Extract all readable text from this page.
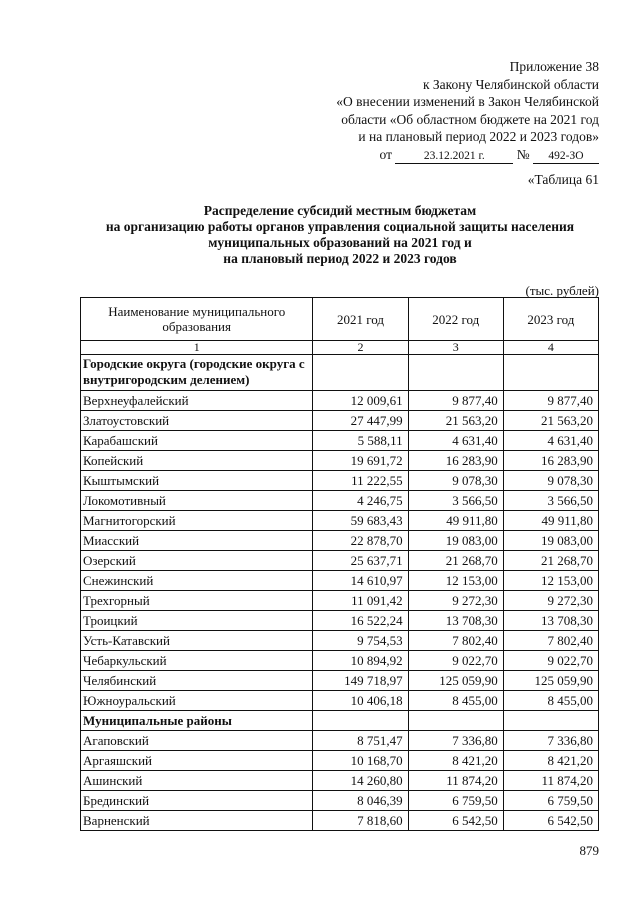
Приложение 38
к Закону Челябинской области
«О внесении изменений в Закон Челябинской
области «Об областном бюджете на 2021 год
и на плановый период 2022 и 2023 годов»
от	23.12.2021 г. № 492-ЗО
«Таблица 61
Распределение субсидий местным бюджетам
на организацию работы органов управления социальной защиты населения
муниципальных образований на 2021 год и
на плановый период 2022 и 2023 годов
(тыс. рублей)
Наименование муниципального образования	2021 год	2022 год	2023 год
1	2	3	4
Городские округа (городские округа с внутригородским делением)			
Верхнеуфалейский	12 009,61	9 877,40	9 877,40
Златоустовский	27 447,99	21 563,20	21 563,20
Карабашский	5 588,11	4 631,40	4 631,40
Копейский	19 691,72	16 283,90	16 283,90
Кыштымский	11 222,55	9 078,30	9 078,30
Локомотивный	4 246,75	3 566,50	3 566,50
Магнитогорский	59 683,43	49 911,80	49 911,80
Миасский	22 878,70	19 083,00	19 083,00
Озерский	25 637,71	21 268,70	21 268,70
Снежинский	14 610,97	12 153,00	12 153,00
Трехгорный	11 091,42	9 272,30	9 272,30
Троицкий	16 522,24	13 708,30	13 708,30
Усть-Катавский	9 754,53	7 802,40	7 802,40
Чебаркульский	10 894,92	9 022,70	9 022,70
Челябинский	149 718,97	125 059,90	125 059,90
Южноуральский	10 406,18	8 455,00	8 455,00
Муниципальные районы			
Агаповский	8 751,47	7 336,80	7 336,80
Аргаяшский	10 168,70	8 421,20	8 421,20
Ашинский	14 260,80	11 874,20	11 874,20
Брединский	8 046,39	6 759,50	6 759,50
Варненский	7 818,60	6 542,50	6 542,50
879
